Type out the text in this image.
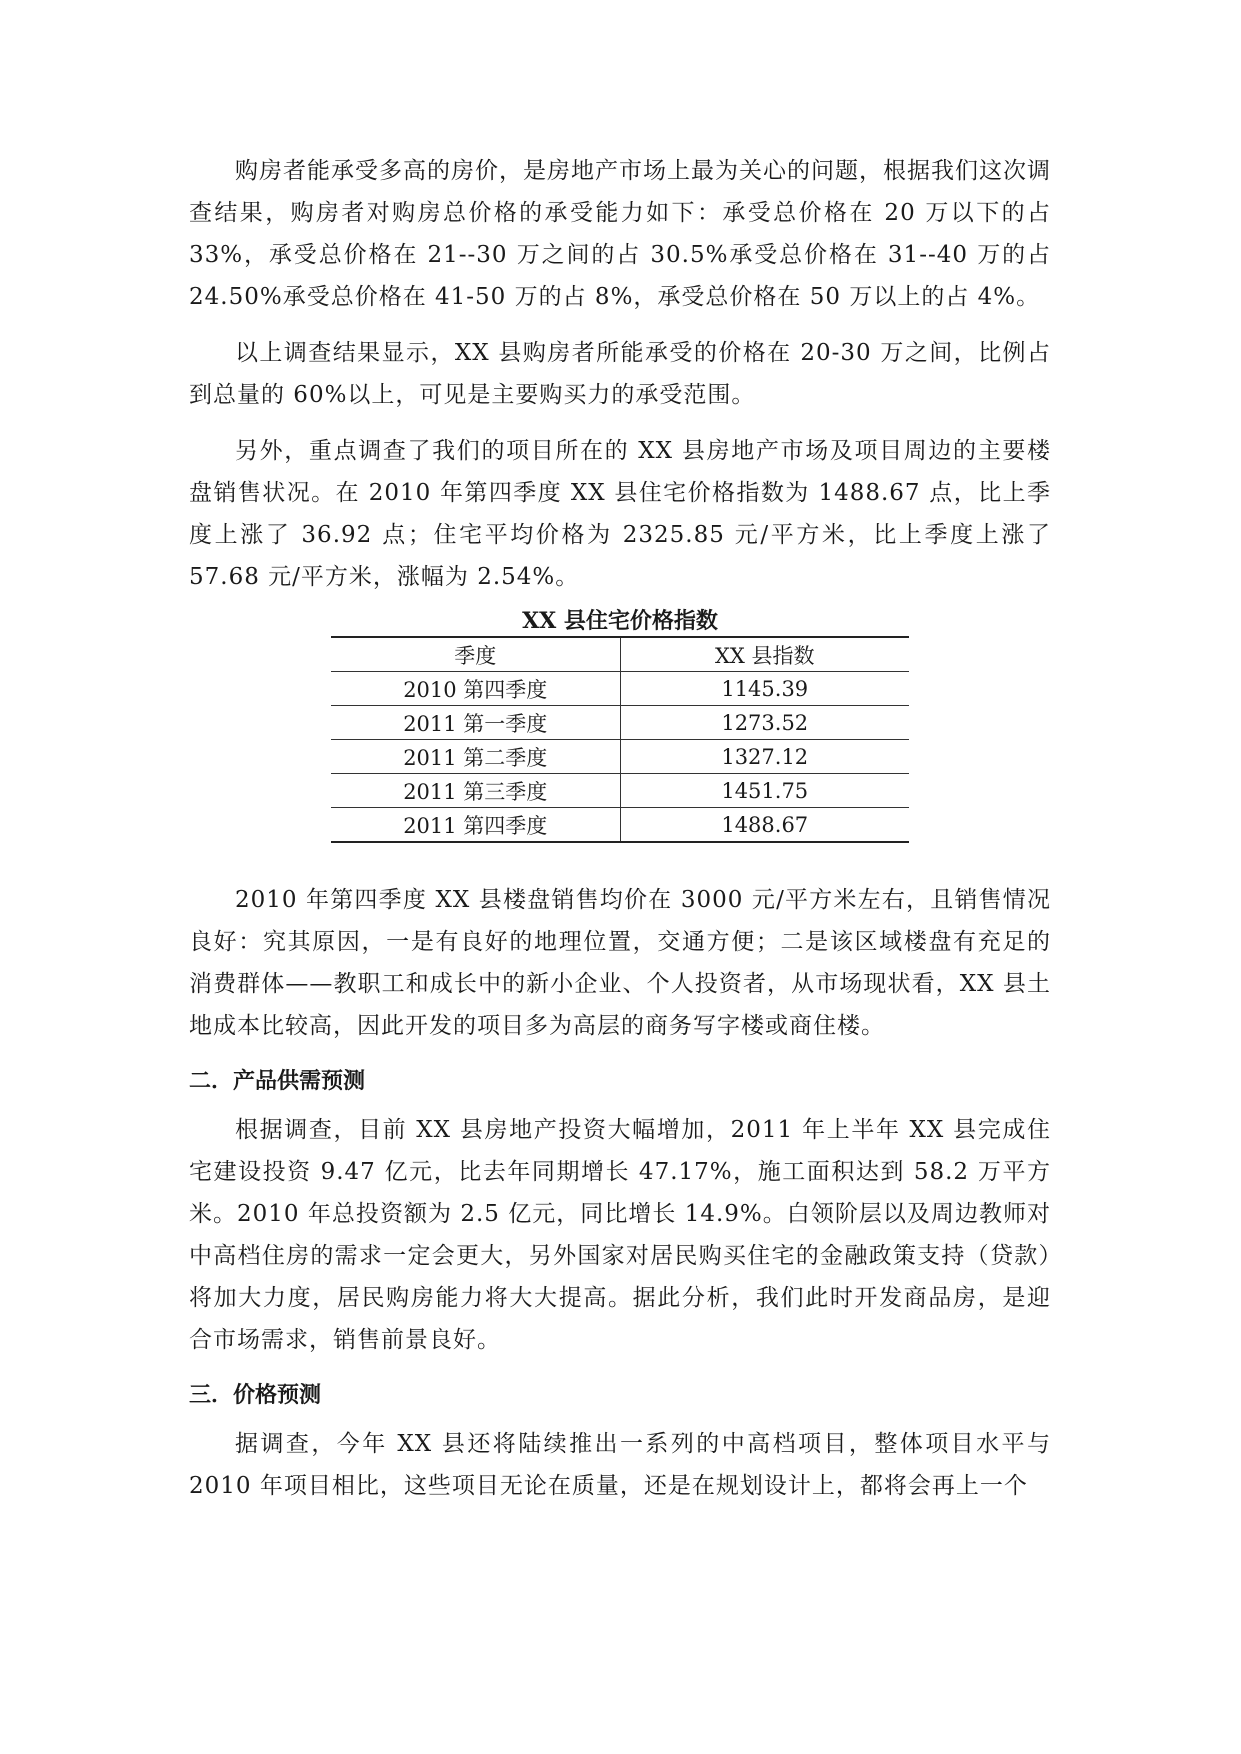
购房者能承受多高的房价，是房地产市场上最为关心的问题，根据我们这次调查结果，购房者对购房总价格的承受能力如下：承受总价格在 20 万以下的占 33%，承受总价格在 21--30 万之间的占 30.5%承受总价格在 31--40 万的占 24.50%承受总价格在 41-50 万的占 8%，承受总价格在 50 万以上的占 4%。

以上调查结果显示，XX 县购房者所能承受的价格在 20-30 万之间，比例占到总量的 60%以上，可见是主要购买力的承受范围。

另外，重点调查了我们的项目所在的 XX 县房地产市场及项目周边的主要楼盘销售状况。在 2010 年第四季度 XX 县住宅价格指数为 1488.67 点，比上季度上涨了 36.92 点；住宅平均价格为 2325.85 元/平方米，比上季度上涨了 57.68 元/平方米，涨幅为 2.54%。

XX 县住宅价格指数

季度	XX 县指数
2010 第四季度	1145.39
2011 第一季度	1273.52
2011 第二季度	1327.12
2011 第三季度	1451.75
2011 第四季度	1488.67

2010 年第四季度 XX 县楼盘销售均价在 3000 元/平方米左右，且销售情况良好：究其原因，一是有良好的地理位置，交通方便；二是该区域楼盘有充足的消费群体——教职工和成长中的新小企业、个人投资者，从市场现状看，XX 县土地成本比较高，因此开发的项目多为高层的商务写字楼或商住楼。

二．产品供需预测

根据调查，目前 XX 县房地产投资大幅增加，2011 年上半年 XX 县完成住宅建设投资 9.47 亿元，比去年同期增长 47.17%，施工面积达到 58.2 万平方米。2010 年总投资额为 2.5 亿元，同比增长 14.9%。白领阶层以及周边教师对中高档住房的需求一定会更大，另外国家对居民购买住宅的金融政策支持（贷款）将加大力度，居民购房能力将大大提高。据此分析，我们此时开发商品房，是迎合市场需求，销售前景良好。

三．价格预测

据调查，今年 XX 县还将陆续推出一系列的中高档项目，整体项目水平与 2010 年项目相比，这些项目无论在质量，还是在规划设计上，都将会再上一个
